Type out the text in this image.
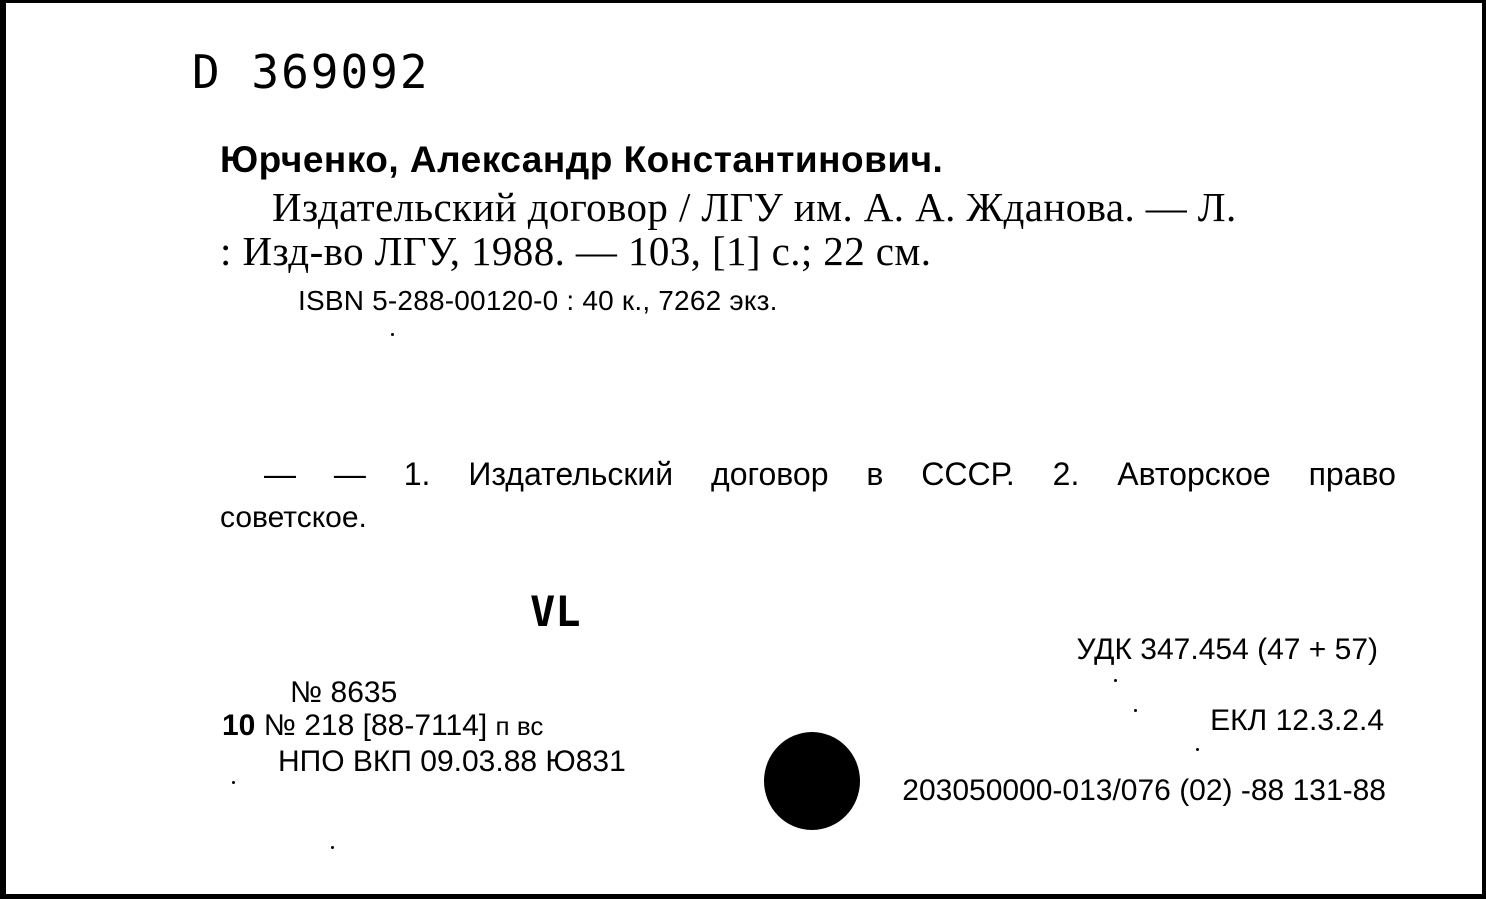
D 369092
Юрченко, Александр Константинович.
Издательский договор / ЛГУ им. А. А. Жданова. — Л.
: Изд-во ЛГУ, 1988. — 103, [1] с.; 22 см.
ISBN 5-288-00120-0 : 40 к., 7262 экз.
— — 1. Издательский договор в СССР. 2. Авторское право
советское.
VL
УДК 347.454 (47 + 57)
ЕКЛ 12.3.2.4
№ 8635
10 № 218 [88-7114] п вс
НПО ВКП 09.03.88 Ю831
203050000-013/076 (02) -88 131-88
